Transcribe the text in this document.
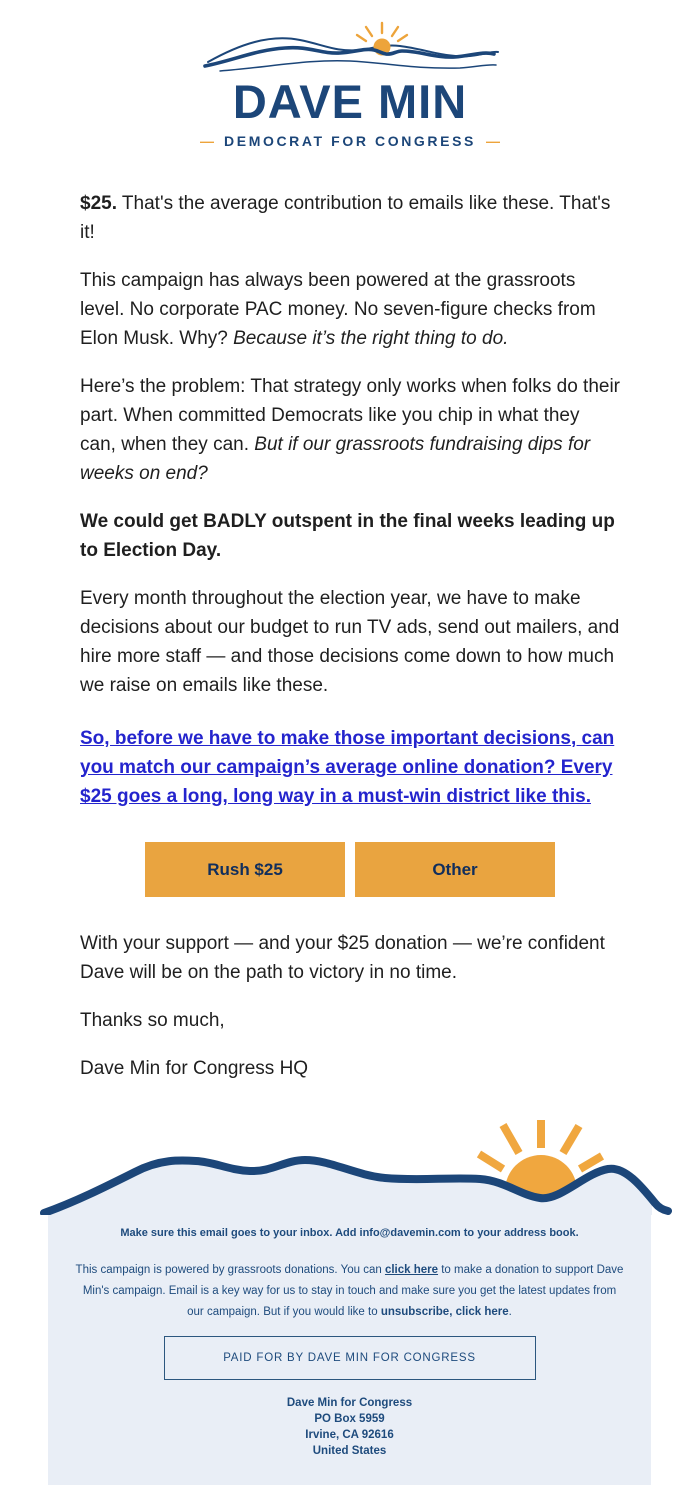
DAVE MIN
— DEMOCRAT FOR CONGRESS —

$25. That's the average contribution to emails like these. That's it!

This campaign has always been powered at the grassroots level. No corporate PAC money. No seven-figure checks from Elon Musk. Why? Because it’s the right thing to do.

Here’s the problem: That strategy only works when folks do their part. When committed Democrats like you chip in what they can, when they can. But if our grassroots fundraising dips for weeks on end?

We could get BADLY outspent in the final weeks leading up to Election Day.

Every month throughout the election year, we have to make decisions about our budget to run TV ads, send out mailers, and hire more staff — and those decisions come down to how much we raise on emails like these.

So, before we have to make those important decisions, can you match our campaign’s average online donation? Every $25 goes a long, long way in a must-win district like this.

Rush $25	Other

With your support — and your $25 donation — we’re confident Dave will be on the path to victory in no time.

Thanks so much,

Dave Min for Congress HQ

Make sure this email goes to your inbox. Add info@davemin.com to your address book.

This campaign is powered by grassroots donations. You can click here to make a donation to support Dave Min's campaign. Email is a key way for us to stay in touch and make sure you get the latest updates from our campaign. But if you would like to unsubscribe, click here.

PAID FOR BY DAVE MIN FOR CONGRESS
Dave Min for Congress
PO Box 5959
Irvine, CA 92616
United States
